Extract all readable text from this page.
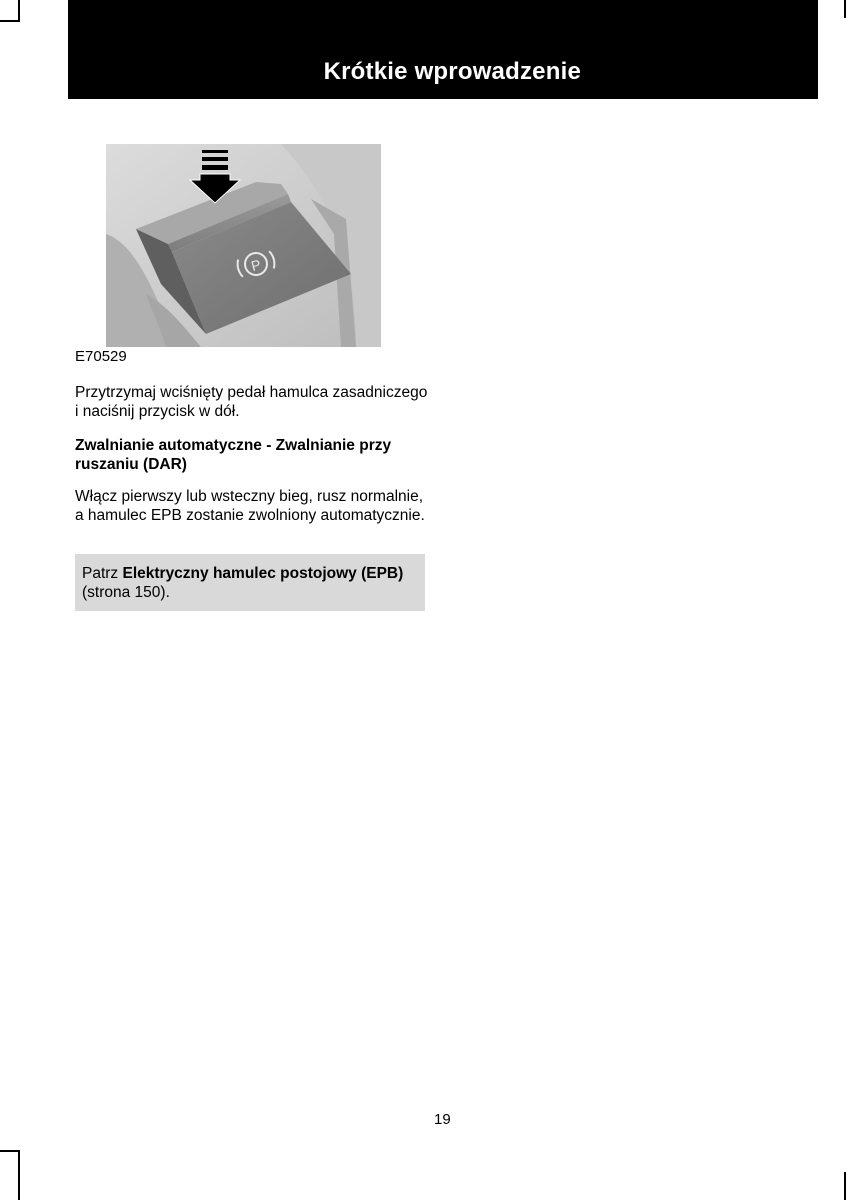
Krótkie wprowadzenie
P
E70529
Przytrzymaj wciśnięty pedał hamulca zasadniczego i naciśnij przycisk w dół.
Zwalnianie automatyczne - Zwalnianie przy ruszaniu (DAR)
Włącz pierwszy lub wsteczny bieg, rusz normalnie, a hamulec EPB zostanie zwolniony automatycznie.
Patrz Elektryczny hamulec postojowy (EPB) (strona 150).
19
